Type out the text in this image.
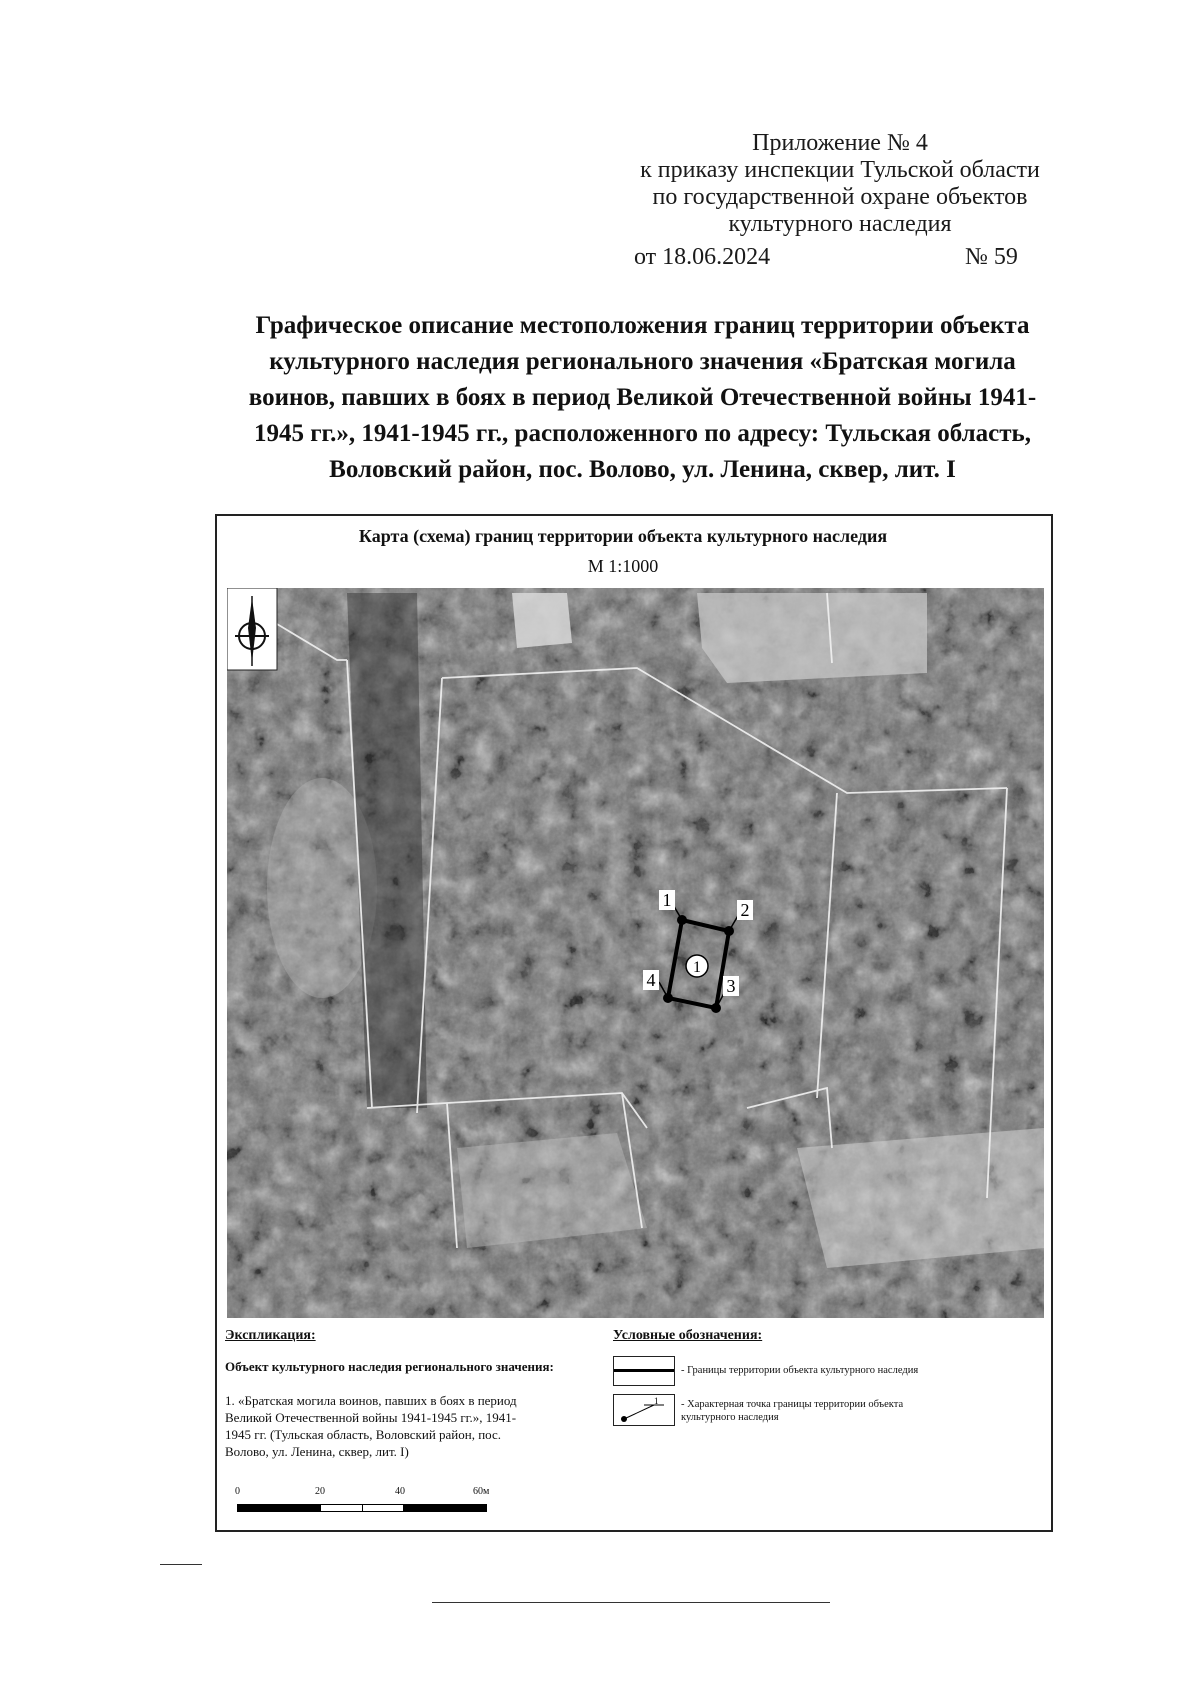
Приложение № 4
к приказу инспекции Тульской области
по государственной охране объектов
культурного наследия
от 18.06.2024	№ 59
Графическое описание местоположения границ территории объекта
культурного наследия регионального значения «Братская могила
воинов, павших в боях в период Великой Отечественной войны 1941-
1945 гг.», 1941-1945 гг., расположенного по адресу: Тульская область,
Воловский район, пос. Волово, ул. Ленина, сквер, лит. I
Карта (схема) границ территории объекта культурного наследия
М 1:1000
1	2
3
4
1
Экспликация:
Объект культурного наследия регионального значения:
1. «Братская могила воинов, павших в боях в период
Великой Отечественной войны 1941-1945 гг.», 1941-
1945 гг. (Тульская область, Воловский район, пос.
Волово, ул. Ленина, сквер, лит. I)
Условные обозначения:
- Границы территории объекта культурного наследия
1 - Характерная точка границы территории объекта
культурного наследия
0	20	40	60м
